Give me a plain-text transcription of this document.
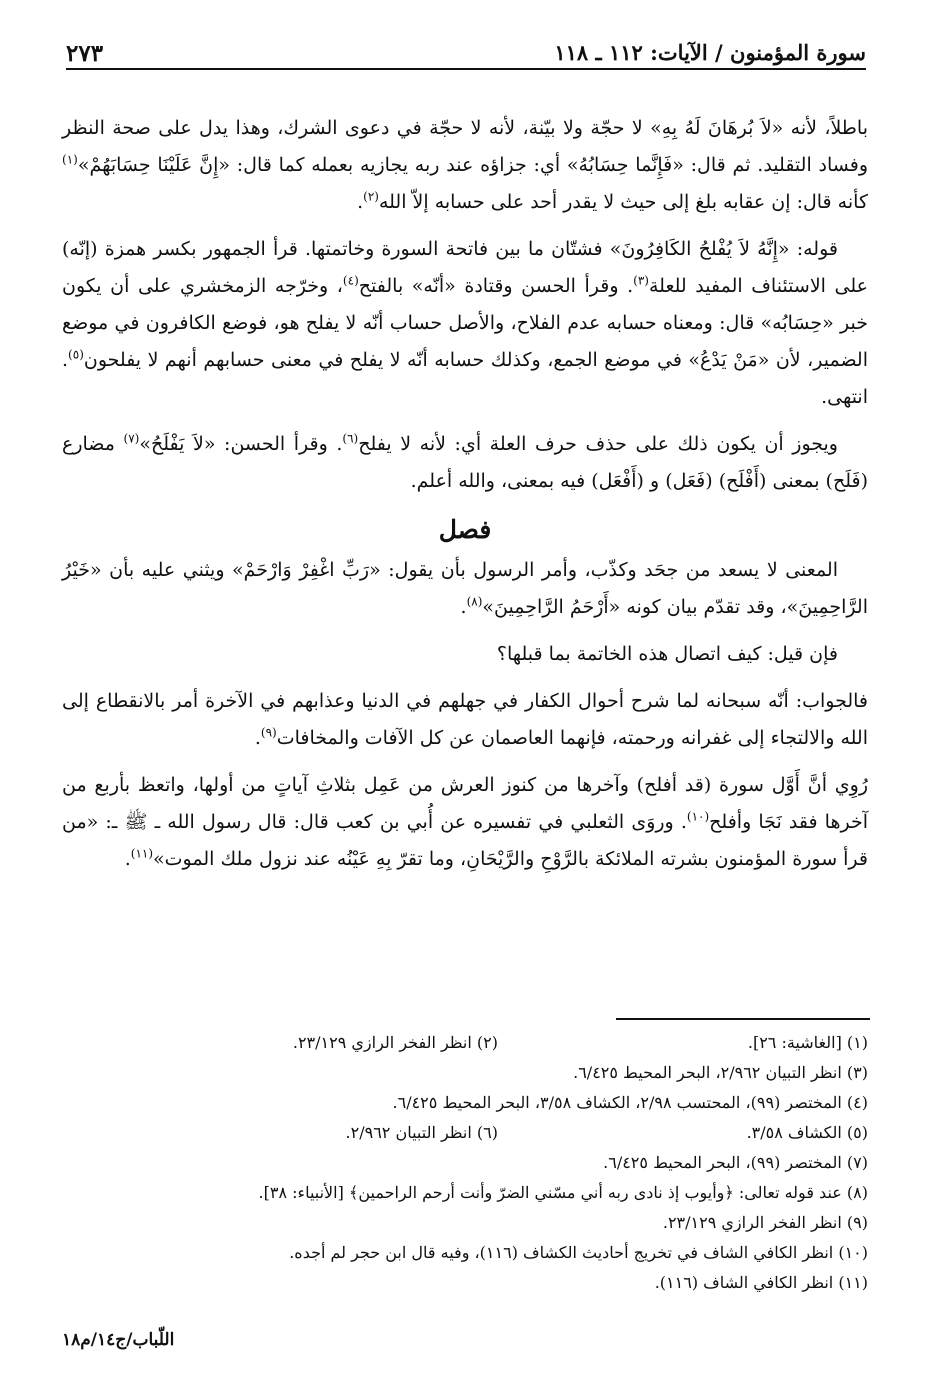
سورة المؤمنون / الآيات: ١١٢ ـ ١١٨
٢٧٣

باطلاً، لأنه «لاَ بُرهَانَ لَهُ بِهِ» لا حجّة ولا بيّنة، لأنه لا حجّة في دعوى الشرك، وهذا يدل على صحة النظر وفساد التقليد. ثم قال: «فَإِنَّما حِسَابُهُ» أي: جزاؤه عند ربه يجازيه بعمله كما قال: «إِنَّ عَلَيْنَا حِسَابَهُمْ»$^{(١)}$ كأنه قال: إن عقابه بلغ إلى حيث لا يقدر أحد على حسابه إلاّ الله$^{(٢)}$.

قوله: «إِنَّهُ لاَ يُفْلحُ الكَافِرُونَ» فشتّان ما بين فاتحة السورة وخاتمتها. قرأ الجمهور بكسر همزة (إنّه) على الاستئناف المفيد للعلة$^{(٣)}$. وقرأ الحسن وقتادة «أنّه» بالفتح$^{(٤)}$، وخرّجه الزمخشري على أن يكون خبر «حِسَابُه» قال: ومعناه حسابه عدم الفلاح، والأصل حساب أنّه لا يفلح هو، فوضع الكافرون في موضع الضمير، لأن «مَنْ يَدْعُ» في موضع الجمع، وكذلك حسابه أنّه لا يفلح في معنى حسابهم أنهم لا يفلحون$^{(٥)}$. انتهى.

ويجوز أن يكون ذلك على حذف حرف العلة أي: لأنه لا يفلح$^{(٦)}$. وقرأ الحسن: «لاَ يَفْلَحُ»$^{(٧)}$ مضارع (فَلَح) بمعنى (أَفْلَح) (فَعَل) و (أَفْعَل) فيه بمعنى، والله أعلم.

فصل

المعنى لا يسعد من جحَد وكذّب، وأمر الرسول بأن يقول: «رَبِّ اغْفِرْ وَارْحَمْ» ويثني عليه بأن «خَيْرُ الرَّاحِمِينَ»، وقد تقدّم بيان كونه «أَرْحَمُ الرَّاحِمِينَ»$^{(٨)}$.

فإن قيل: كيف اتصال هذه الخاتمة بما قبلها؟

فالجواب: أنّه سبحانه لما شرح أحوال الكفار في جهلهم في الدنيا وعذابهم في الآخرة أمر بالانقطاع إلى الله والالتجاء إلى غفرانه ورحمته، فإنهما العاصمان عن كل الآفات والمخافات$^{(٩)}$.

رُوِي أنَّ أَوَّل سورة (قد أفلح) وآخرها من كنوز العرش من عَمِل بثلاثِ آياتٍ من أولها، واتعظ بأربع من آخرها فقد نَجَا وأفلح$^{(١٠)}$. وروَى الثعلبي في تفسيره عن أُبي بن كعب قال: قال رسول الله ـ ﷺ ـ: «من قرأ سورة المؤمنون بشرته الملائكة بالرَّوْحِ والرَّيْحَانِ، وما تقرّ بِهِ عَيْنُه عند نزول ملك الموت»$^{(١١)}$.

(١) [الغاشية: ٢٦].
(٢) انظر الفخر الرازي ٢٣/١٢٩.
(٣) انظر التبيان ٢/٩٦٢، البحر المحيط ٦/٤٢٥.
(٤) المختصر (٩٩)، المحتسب ٢/٩٨، الكشاف ٣/٥٨، البحر المحيط ٦/٤٢٥.
(٥) الكشاف ٣/٥٨.
(٦) انظر التبيان ٢/٩٦٢.
(٧) المختصر (٩٩)، البحر المحيط ٦/٤٢٥.
(٨) عند قوله تعالى: ﴿وأيوب إذ نادى ربه أني مسّني الضرّ وأنت أرحم الراحمين﴾ [الأنبياء: ٣٨].
(٩) انظر الفخر الرازي ٢٣/١٢٩.
(١٠) انظر الكافي الشاف في تخريج أحاديث الكشاف (١١٦)، وفيه قال ابن حجر لم أجده.
(١١) انظر الكافي الشاف (١١٦).
اللّباب/ج١٤/م١٨
